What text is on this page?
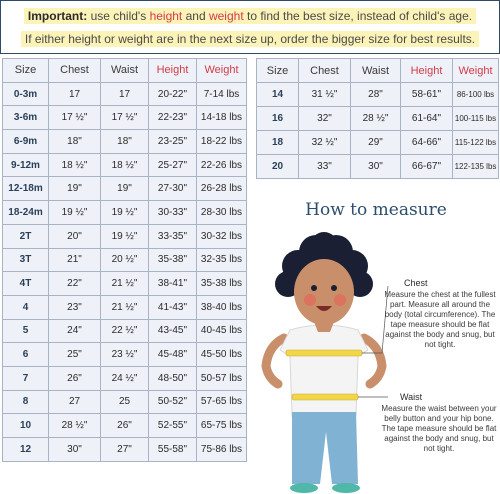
Important: use child's height and weight to find the best size, instead of child's age.
If either height or weight are in the next size up, order the bigger size for best results.
Size	Chest	Waist	Height	Weight
0-3m	17	17	20-22"	7-14 lbs
3-6m	17 ½"	17 ½"	22-23"	14-18 lbs
6-9m	18"	18"	23-25"	18-22 lbs
9-12m	18 ½"	18 ½"	25-27"	22-26 lbs
12-18m	19"	19"	27-30"	26-28 lbs
18-24m	19 ½"	19 ½"	30-33"	28-30 lbs
2T	20"	19 ½"	33-35"	30-32 lbs
3T	21"	20 ½"	35-38"	32-35 lbs
4T	22"	21 ½"	38-41"	35-38 lbs
4	23"	21 ½"	41-43"	38-40 lbs
5	24"	22 ½"	43-45"	40-45 lbs
6	25"	23 ½"	45-48"	45-50 lbs
7	26"	24 ½"	48-50"	50-57 lbs
8	27	25	50-52"	57-65 lbs
10	28 ½"	26"	52-55"	65-75 lbs
12	30"	27"	55-58"	75-86 lbs
Size	Chest	Waist	Height	Weight
14	31 ½"	28"	58-61"	86-100 lbs
16	32"	28 ½"	61-64"	100-115 lbs
18	32 ½"	29"	64-66"	115-122 lbs
20	33"	30"	66-67"	122-135 lbs
How to measure
Chest
Measure the chest at the fullest part. Measure all around the body (total circumference). The tape measure should be flat against the body and snug, but not tight.
Waist
Measure the waist between your belly button and your hip bone. The tape measure should be flat against the body and snug, but not tight.
